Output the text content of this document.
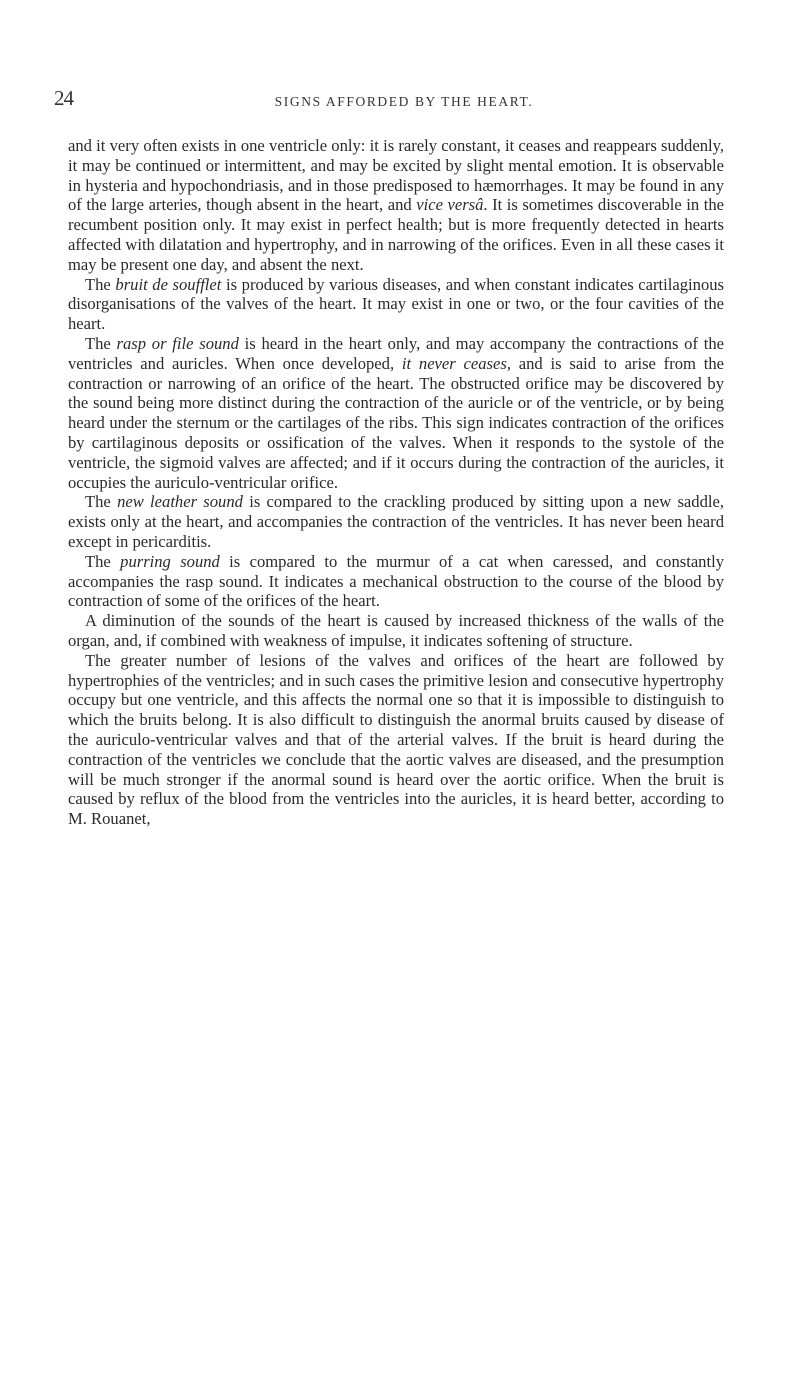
24	SIGNS AFFORDED BY THE HEART.

and it very often exists in one ventricle only: it is rarely constant, it ceases and reappears suddenly, it may be continued or intermittent, and may be excited by slight mental emotion. It is observable in hysteria and hypochondriasis, and in those predisposed to hæmorrhages. It may be found in any of the large arteries, though absent in the heart, and vice versâ. It is sometimes discoverable in the recumbent position only. It may exist in perfect health; but is more frequently detected in hearts affected with dilatation and hypertrophy, and in narrowing of the orifices. Even in all these cases it may be present one day, and absent the next.

The bruit de soufflet is produced by various diseases, and when constant indicates cartilaginous disorganisations of the valves of the heart. It may exist in one or two, or the four cavities of the heart.

The rasp or file sound is heard in the heart only, and may accompany the contractions of the ventricles and auricles. When once developed, it never ceases, and is said to arise from the contraction or narrowing of an orifice of the heart. The obstructed orifice may be discovered by the sound being more distinct during the contraction of the auricle or of the ventricle, or by being heard under the sternum or the cartilages of the ribs. This sign indicates contraction of the orifices by cartilaginous deposits or ossification of the valves. When it responds to the systole of the ventricle, the sigmoid valves are affected; and if it occurs during the contraction of the auricles, it occupies the auriculo-ventricular orifice.

The new leather sound is compared to the crackling produced by sitting upon a new saddle, exists only at the heart, and accompanies the contraction of the ventricles. It has never been heard except in pericarditis.

The purring sound is compared to the murmur of a cat when caressed, and constantly accompanies the rasp sound. It indicates a mechanical obstruction to the course of the blood by contraction of some of the orifices of the heart.

A diminution of the sounds of the heart is caused by increased thickness of the walls of the organ, and, if combined with weakness of impulse, it indicates softening of structure.

The greater number of lesions of the valves and orifices of the heart are followed by hypertrophies of the ventricles; and in such cases the primitive lesion and consecutive hypertrophy occupy but one ventricle, and this affects the normal one so that it is impossible to distinguish to which the bruits belong. It is also difficult to distinguish the anormal bruits caused by disease of the auriculo-ventricular valves and that of the arterial valves. If the bruit is heard during the contraction of the ventricles we conclude that the aortic valves are diseased, and the presumption will be much stronger if the anormal sound is heard over the aortic orifice. When the bruit is caused by reflux of the blood from the ventricles into the auricles, it is heard better, according to M. Rouanet,
